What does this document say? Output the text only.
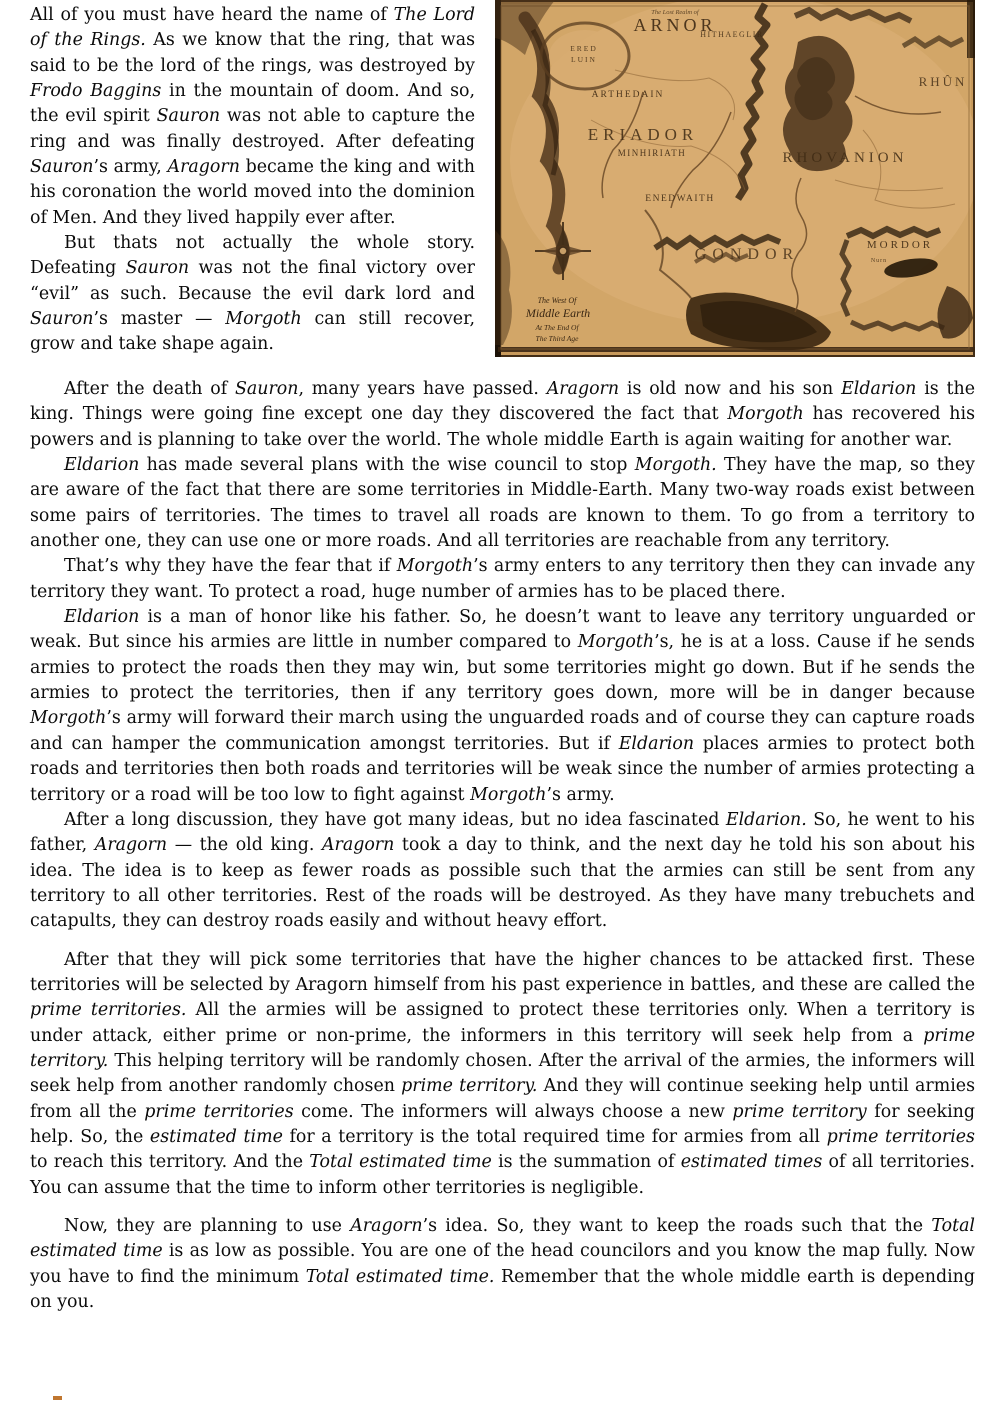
The Lost Realm of
ARNOR
HITHAEGLIR
ERED
LUIN
ARTHEDAIN
ERIADOR
MINHIRIATH
ENEDWAITH
GONDOR
RHOVANION
RHÛN
MORDOR
Nurn
The West Of
Middle Earth
At The End Of
The Third Age

All of you must have heard the name of The Lord of the Rings. As we know that the ring, that was said to be the lord of the rings, was destroyed by Frodo Baggins in the mountain of doom. And so, the evil spirit Sauron was not able to capture the ring and was finally destroyed. After defeating Sauron’s army, Aragorn became the king and with his coronation the world moved into the dominion of Men. And they lived happily ever after.

But thats not actually the whole story. Defeating Sauron was not the final victory over “evil” as such. Because the evil dark lord and Sauron’s master — Morgoth can still recover, grow and take shape again.

After the death of Sauron, many years have passed. Aragorn is old now and his son Eldarion is the king. Things were going fine except one day they discovered the fact that Morgoth has recovered his powers and is planning to take over the world. The whole middle Earth is again waiting for another war.

Eldarion has made several plans with the wise council to stop Morgoth. They have the map, so they are aware of the fact that there are some territories in Middle-Earth. Many two-way roads exist between some pairs of territories. The times to travel all roads are known to them. To go from a territory to another one, they can use one or more roads. And all territories are reachable from any territory.

That’s why they have the fear that if Morgoth’s army enters to any territory then they can invade any territory they want. To protect a road, huge number of armies has to be placed there.

Eldarion is a man of honor like his father. So, he doesn’t want to leave any territory unguarded or weak. But since his armies are little in number compared to Morgoth’s, he is at a loss. Cause if he sends armies to protect the roads then they may win, but some territories might go down. But if he sends the armies to protect the territories, then if any territory goes down, more will be in danger because Morgoth’s army will forward their march using the unguarded roads and of course they can capture roads and can hamper the communication amongst territories. But if Eldarion places armies to protect both roads and territories then both roads and territories will be weak since the number of armies protecting a territory or a road will be too low to fight against Morgoth’s army.

After a long discussion, they have got many ideas, but no idea fascinated Eldarion. So, he went to his father, Aragorn — the old king. Aragorn took a day to think, and the next day he told his son about his idea. The idea is to keep as fewer roads as possible such that the armies can still be sent from any territory to all other territories. Rest of the roads will be destroyed. As they have many trebuchets and catapults, they can destroy roads easily and without heavy effort.

After that they will pick some territories that have the higher chances to be attacked first. These territories will be selected by Aragorn himself from his past experience in battles, and these are called the prime territories. All the armies will be assigned to protect these territories only. When a territory is under attack, either prime or non-prime, the informers in this territory will seek help from a prime territory. This helping territory will be randomly chosen. After the arrival of the armies, the informers will seek help from another randomly chosen prime territory. And they will continue seeking help until armies from all the prime territories come. The informers will always choose a new prime territory for seeking help. So, the estimated time for a territory is the total required time for armies from all prime territories to reach this territory. And the Total estimated time is the summation of estimated times of all territories. You can assume that the time to inform other territories is negligible.

Now, they are planning to use Aragorn’s idea. So, they want to keep the roads such that the Total estimated time is as low as possible. You are one of the head councilors and you know the map fully. Now you have to find the minimum Total estimated time. Remember that the whole middle earth is depending on you.
